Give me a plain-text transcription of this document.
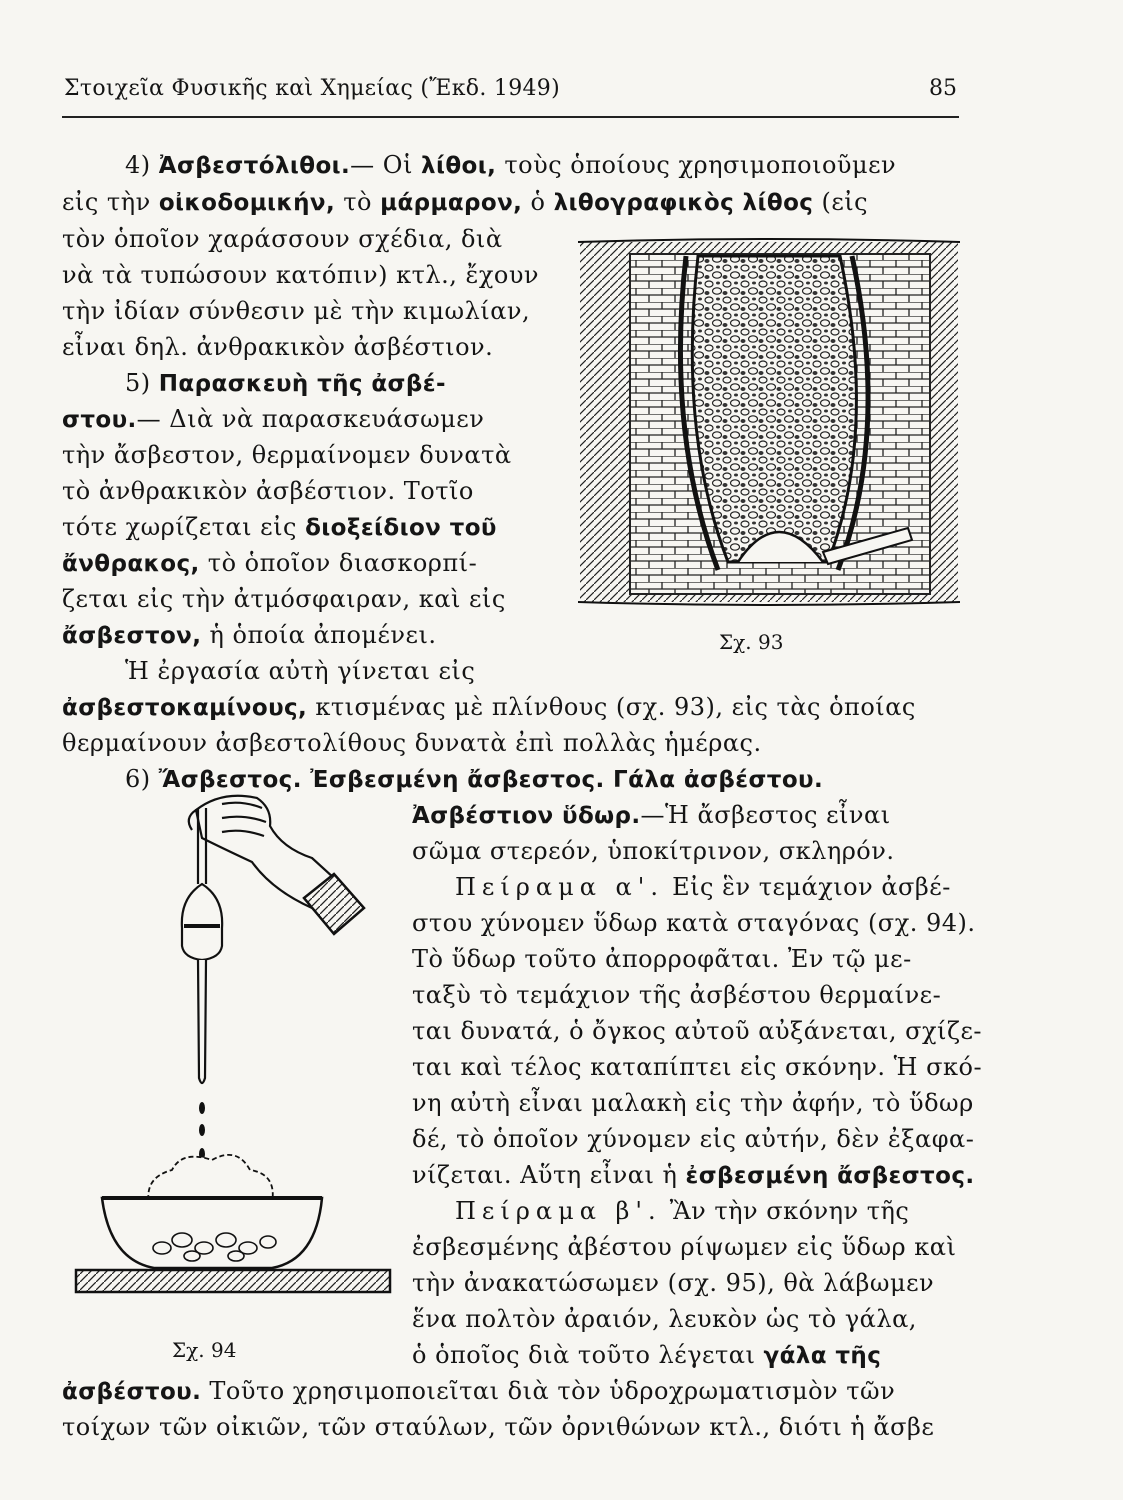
Στοιχεῖα Φυσικῆς καὶ Χημείας (Ἔκδ. 1949)	85
4) Ἀσβεστόλιθοι.— Οἱ λίθοι, τοὺς ὁποίους χρησιμοποιοῦμεν
εἰς τὴν οἰκοδομικήν, τὸ μάρμαρον, ὁ λιθογραφικὸς λίθος (εἰς
τὸν ὁποῖον χαράσσουν σχέδια, διὰ
νὰ τὰ τυπώσουν κατόπιν) κτλ., ἔχουν
τὴν ἰδίαν σύνθεσιν μὲ τὴν κιμωλίαν,
εἶναι δηλ. ἀνθρακικὸν ἀσβέστιον.
5) Παρασκευὴ τῆς ἀσβέ-
στου.— Διὰ νὰ παρασκευάσωμεν
τὴν ἄσβεστον, θερμαίνομεν δυνατὰ
τὸ ἀνθρακικὸν ἀσβέστιον. Τοτῖο
τότε χωρίζεται εἰς διοξείδιον τοῦ
ἄνθρακος, τὸ ὁποῖον διασκορπί-
ζεται εἰς τὴν ἀτμόσφαιραν, καὶ εἰς
ἄσβεστον, ἡ ὁποία ἀπομένει.
Ἡ ἐργασία αὐτὴ γίνεται εἰς
ἀσβεστοκαμίνους, κτισμένας μὲ πλίνθους (σχ. 93), εἰς τὰς ὁποίας
θερμαίνουν ἀσβεστολίθους δυνατὰ ἐπὶ πολλὰς ἡμέρας.
6) Ἄσβεστος. Ἐσβεσμένη ἄσβεστος. Γάλα ἀσβέστου.
Ἀσβέστιον ὕδωρ.—Ἡ ἄσβεστος εἶναι
σῶμα στερεόν, ὑποκίτρινον, σκληρόν.
Πείραμα α'. Εἰς ἓν τεμάχιον ἀσβέ-
στου χύνομεν ὕδωρ κατὰ σταγόνας (σχ. 94).
Τὸ ὕδωρ τοῦτο ἀπορροφᾶται. Ἐν τῷ με-
ταξὺ τὸ τεμάχιον τῆς ἀσβέστου θερμαίνε-
ται δυνατά, ὁ ὄγκος αὐτοῦ αὐξάνεται, σχίζε-
ται καὶ τέλος καταπίπτει εἰς σκόνην. Ἡ σκό-
νη αὐτὴ εἶναι μαλακὴ εἰς τὴν ἀφήν, τὸ ὕδωρ
δέ, τὸ ὁποῖον χύνομεν εἰς αὐτήν, δὲν ἐξαφα-
νίζεται. Αὕτη εἶναι ἡ ἐσβεσμένη ἄσβεστος.
Πείραμα β'. Ἂν τὴν σκόνην τῆς
ἐσβεσμένης ἀβέστου ρίψωμεν εἰς ὕδωρ καὶ
τὴν ἀνακατώσωμεν (σχ. 95), θὰ λάβωμεν
ἕνα πολτὸν ἀραιόν, λευκὸν ὡς τὸ γάλα,
ὁ ὁποῖος διὰ τοῦτο λέγεται γάλα τῆς
ἀσβέστου. Τοῦτο χρησιμοποιεῖται διὰ τὸν ὑδροχρωματισμὸν τῶν
τοίχων τῶν οἰκιῶν, τῶν σταύλων, τῶν ὀρνιθώνων κτλ., διότι ἡ ἄσβε
Σχ. 93
Σχ. 94
